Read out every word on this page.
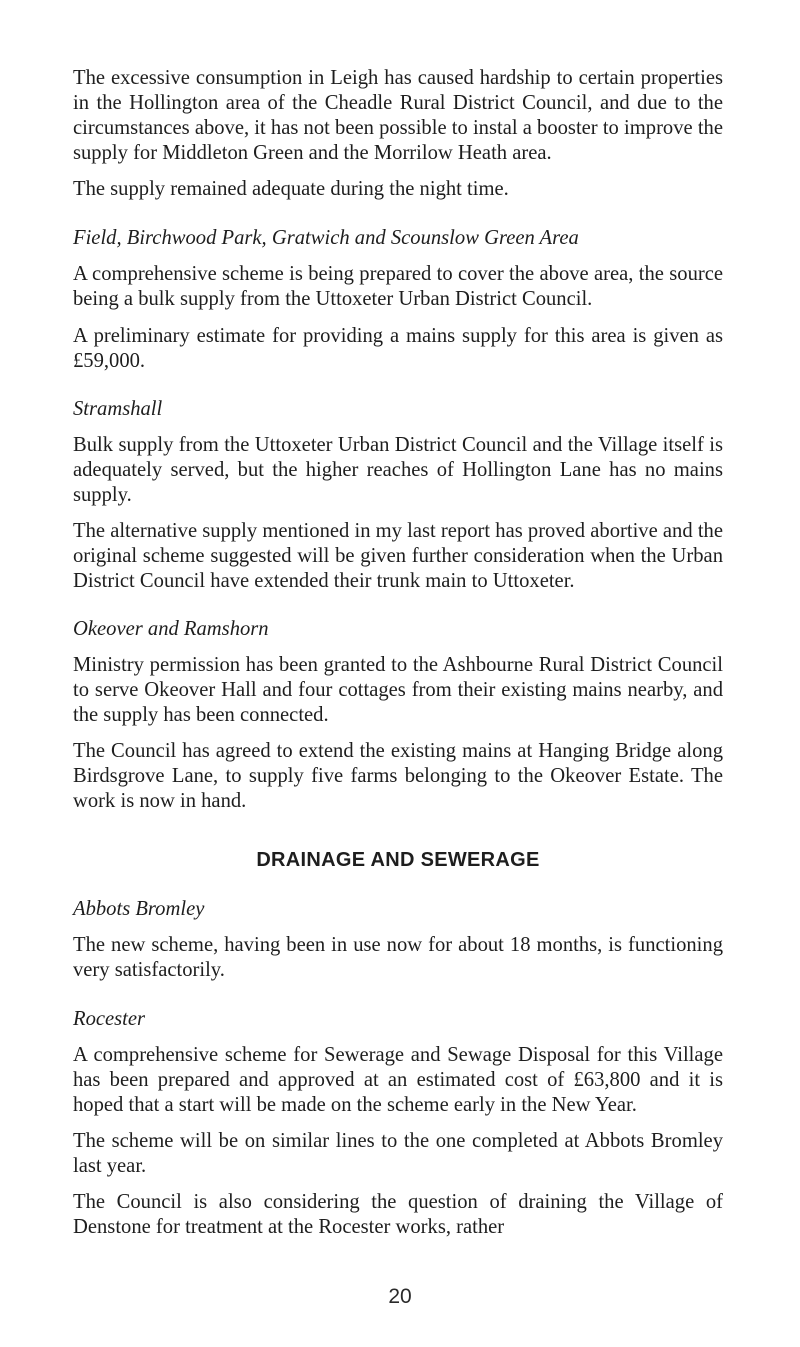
The excessive consumption in Leigh has caused hardship to certain properties in the Hollington area of the Cheadle Rural District Council, and due to the circumstances above, it has not been possible to instal a booster to improve the supply for Middleton Green and the Morrilow Heath area.

The supply remained adequate during the night time.

Field, Birchwood Park, Gratwich and Scounslow Green Area

A comprehensive scheme is being prepared to cover the above area, the source being a bulk supply from the Uttoxeter Urban District Council.

A preliminary estimate for providing a mains supply for this area is given as £59,000.

Stramshall

Bulk supply from the Uttoxeter Urban District Council and the Village itself is adequately served, but the higher reaches of Hollington Lane has no mains supply.

The alternative supply mentioned in my last report has proved abortive and the original scheme suggested will be given further consideration when the Urban District Council have extended their trunk main to Uttoxeter.

Okeover and Ramshorn

Ministry permission has been granted to the Ashbourne Rural District Council to serve Okeover Hall and four cottages from their existing mains nearby, and the supply has been connected.

The Council has agreed to extend the existing mains at Hanging Bridge along Birdsgrove Lane, to supply five farms belonging to the Okeover Estate. The work is now in hand.

DRAINAGE AND SEWERAGE

Abbots Bromley

The new scheme, having been in use now for about 18 months, is functioning very satisfactorily.

Rocester

A comprehensive scheme for Sewerage and Sewage Disposal for this Village has been prepared and approved at an estimated cost of £63,800 and it is hoped that a start will be made on the scheme early in the New Year.

The scheme will be on similar lines to the one completed at Abbots Bromley last year.

The Council is also considering the question of draining the Village of Denstone for treatment at the Rocester works, rather

20
